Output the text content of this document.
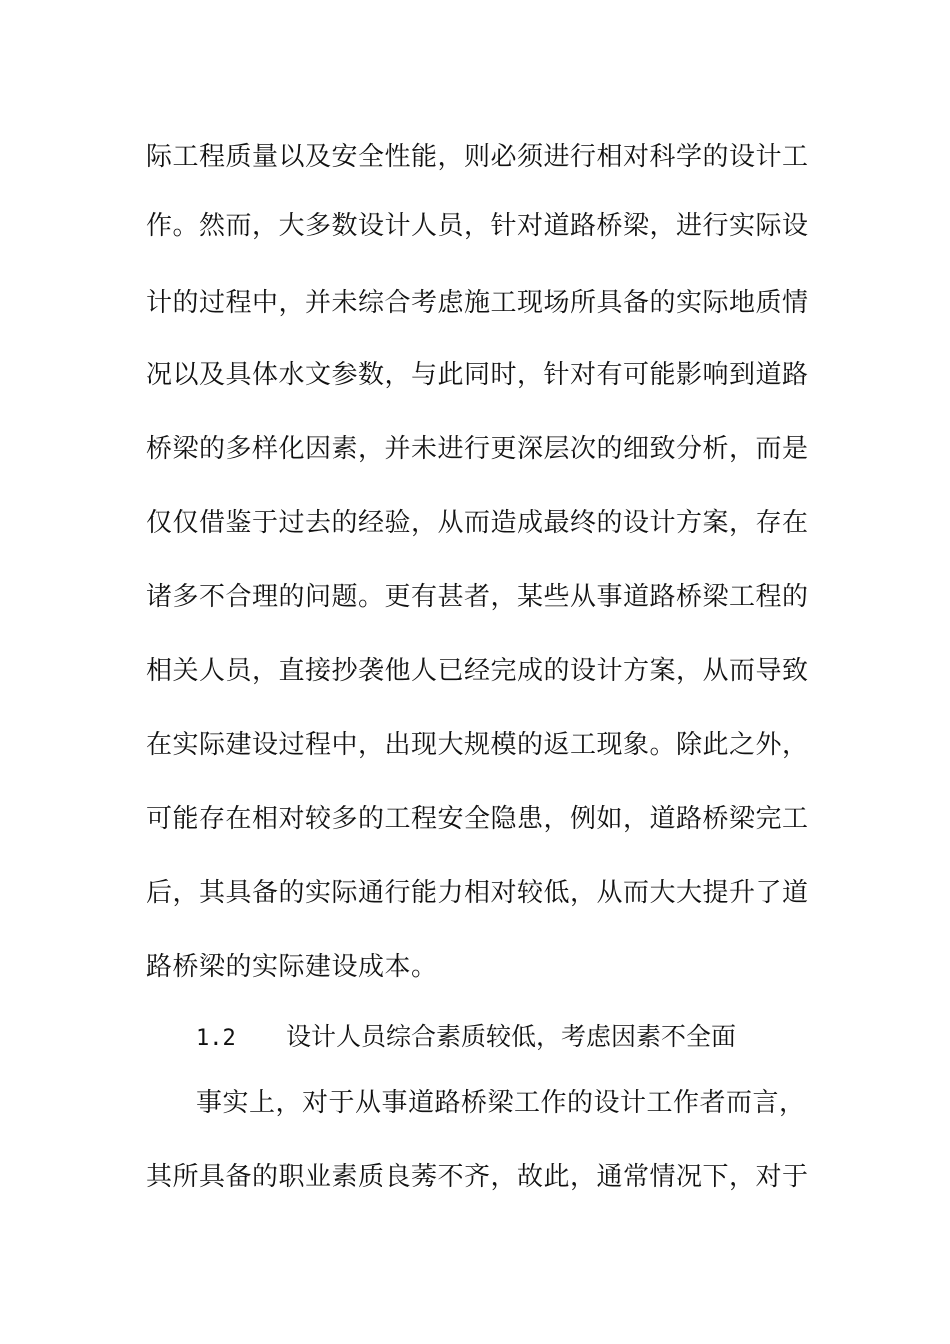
际工程质量以及安全性能，则必须进行相对科学的设计工
作。然而，大多数设计人员，针对道路桥梁，进行实际设
计的过程中，并未综合考虑施工现场所具备的实际地质情
况以及具体水文参数，与此同时，针对有可能影响到道路
桥梁的多样化因素，并未进行更深层次的细致分析，而是
仅仅借鉴于过去的经验，从而造成最终的设计方案，存在
诸多不合理的问题。更有甚者，某些从事道路桥梁工程的
相关人员，直接抄袭他人已经完成的设计方案，从而导致
在实际建设过程中，出现大规模的返工现象。除此之外，
可能存在相对较多的工程安全隐患，例如，道路桥梁完工
后，其具备的实际通行能力相对较低，从而大大提升了道
路桥梁的实际建设成本。
1.2 设计人员综合素质较低，考虑因素不全面
事实上，对于从事道路桥梁工作的设计工作者而言，
其所具备的职业素质良莠不齐，故此，通常情况下，对于
